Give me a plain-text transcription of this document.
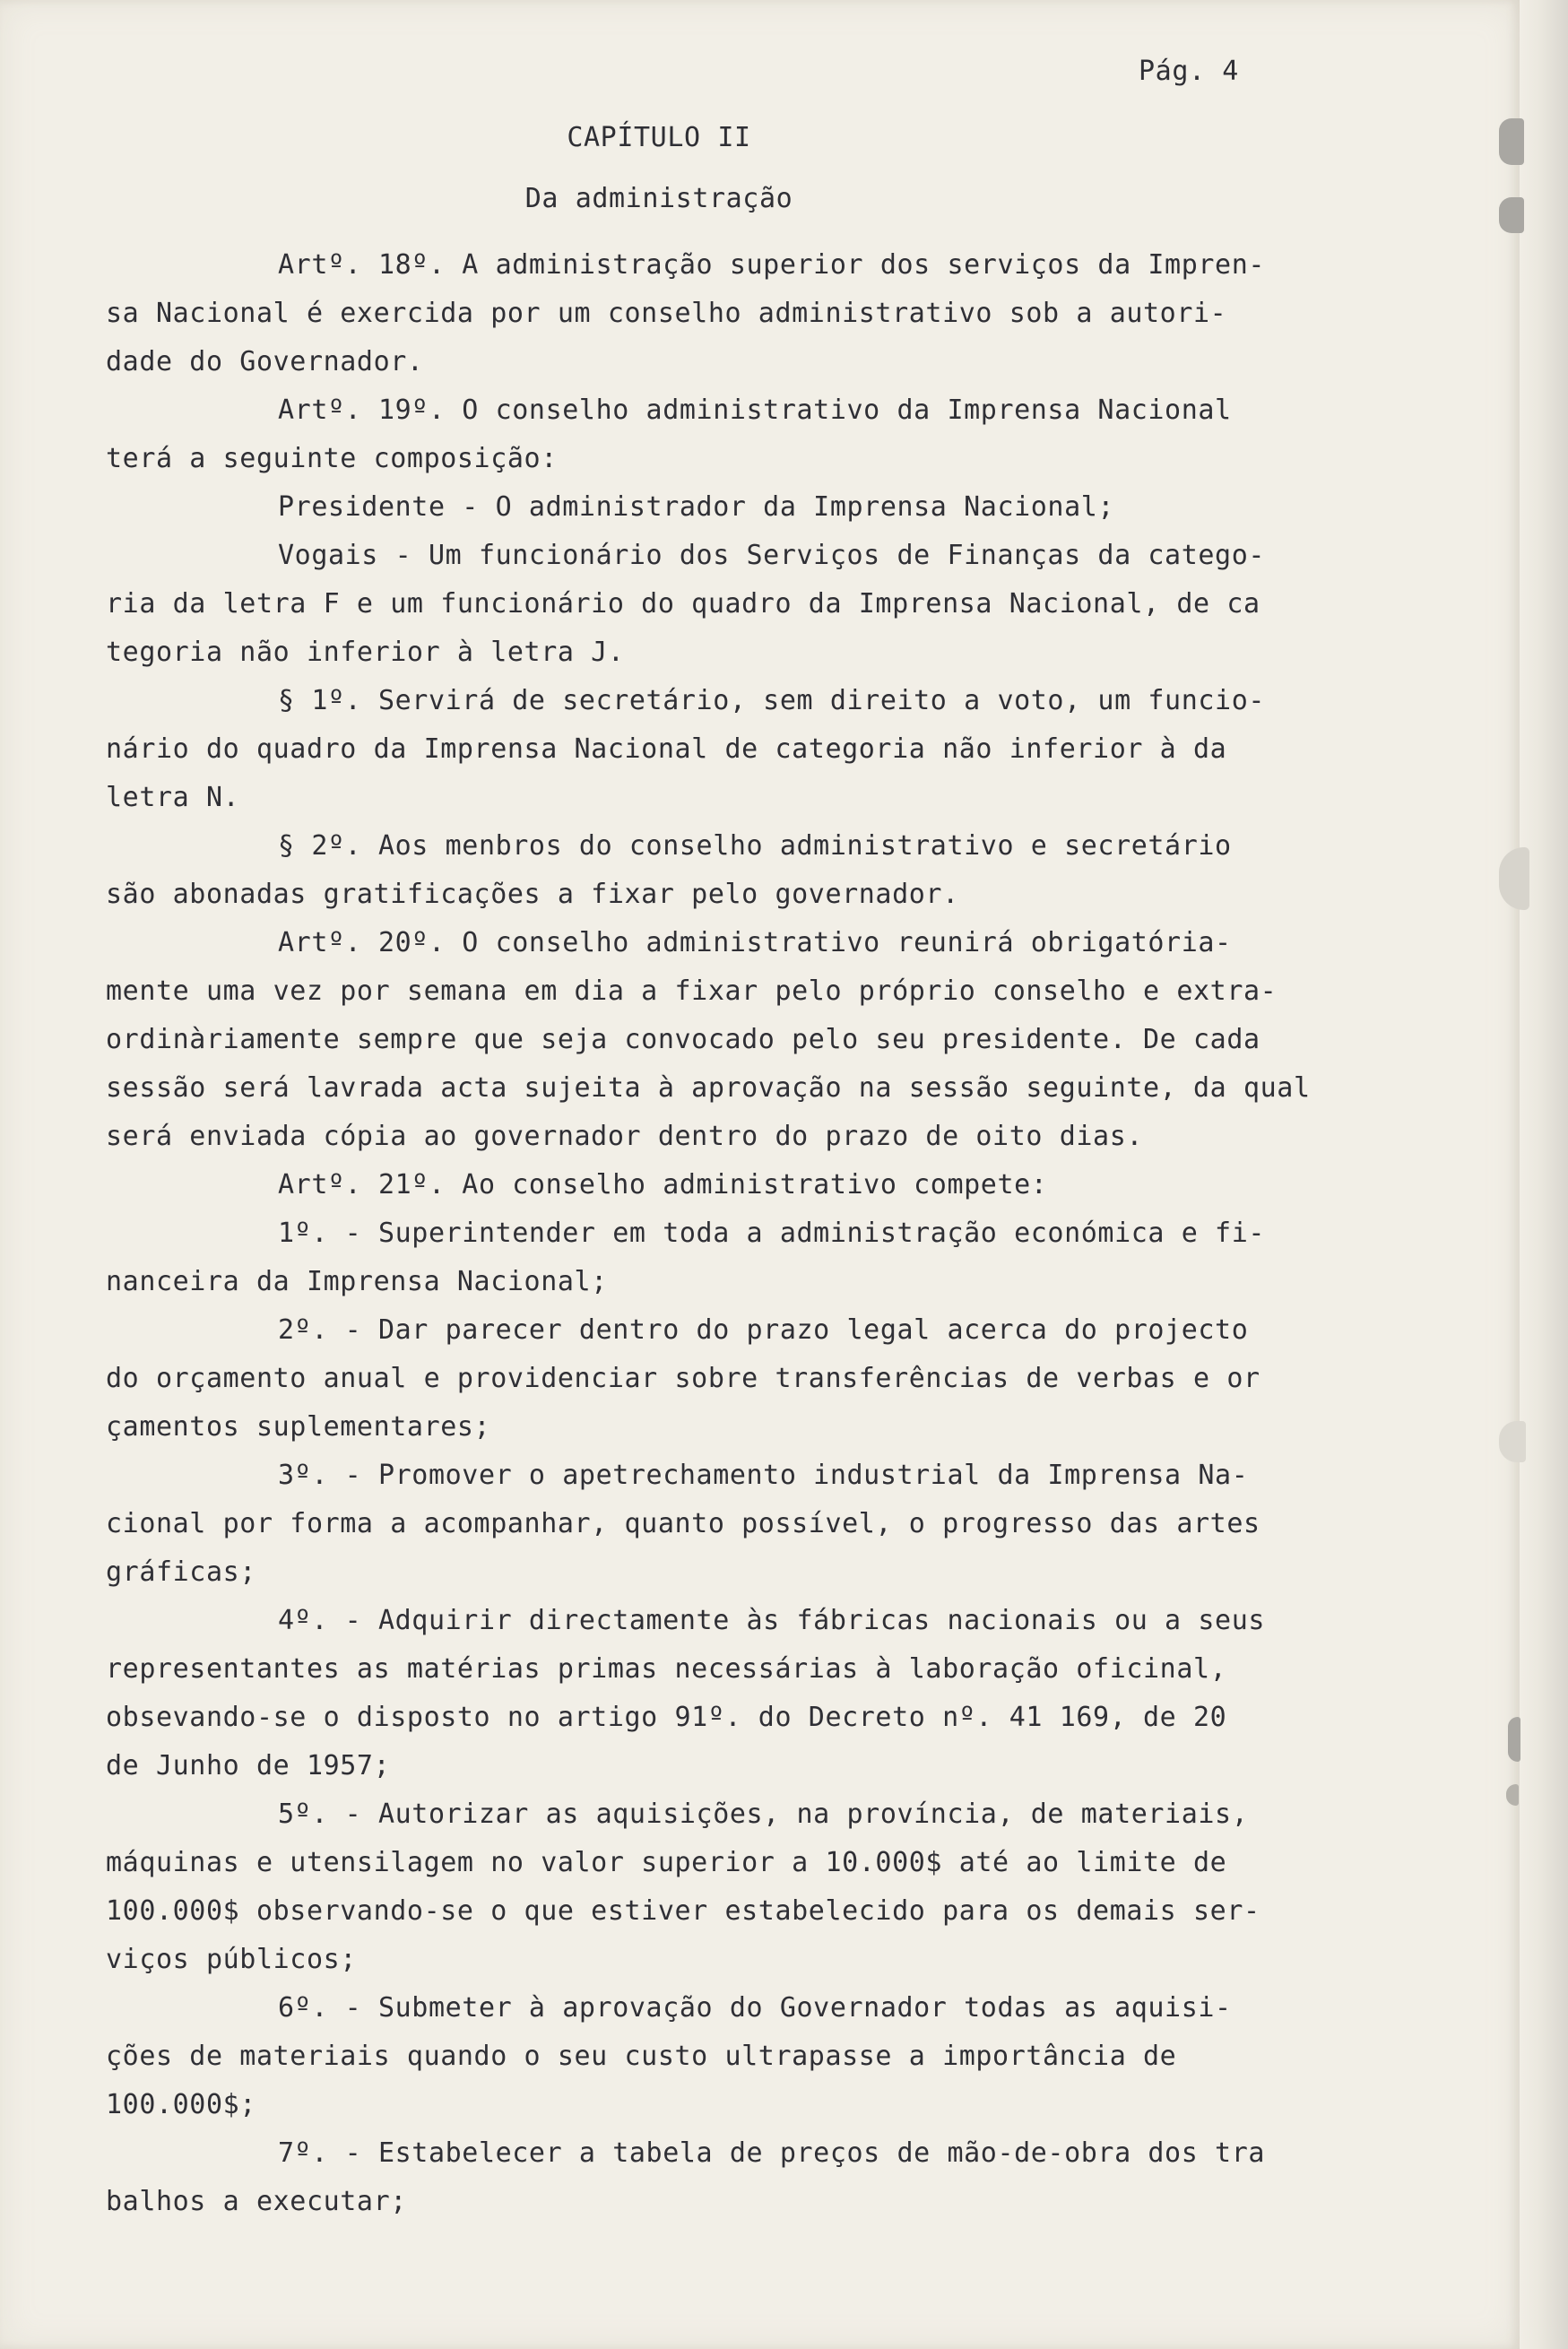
Pág. 4
CAPÍTULO II
Da administração
Artº. 18º. A administração superior dos serviços da Impren-
sa Nacional é exercida por um conselho administrativo sob a autori-
dade do Governador.
Artº. 19º. O conselho administrativo da Imprensa Nacional
terá a seguinte composição:
Presidente - O administrador da Imprensa Nacional;
Vogais - Um funcionário dos Serviços de Finanças da catego-
ria da letra F e um funcionário do quadro da Imprensa Nacional, de ca
tegoria não inferior à letra J.
§ 1º. Servirá de secretário, sem direito a voto, um funcio-
nário do quadro da Imprensa Nacional de categoria não inferior à da
letra N.
§ 2º. Aos menbros do conselho administrativo e secretário
são abonadas gratificações a fixar pelo governador.
Artº. 20º. O conselho administrativo reunirá obrigatória-
mente uma vez por semana em dia a fixar pelo próprio conselho e extra-
ordinàriamente sempre que seja convocado pelo seu presidente. De cada
sessão será lavrada acta sujeita à aprovação na sessão seguinte, da qual
será enviada cópia ao governador dentro do prazo de oito dias.
Artº. 21º. Ao conselho administrativo compete:
1º. - Superintender em toda a administração económica e fi-
nanceira da Imprensa Nacional;
2º. - Dar parecer dentro do prazo legal acerca do projecto
do orçamento anual e providenciar sobre transferências de verbas e or
çamentos suplementares;
3º. - Promover o apetrechamento industrial da Imprensa Na-
cional por forma a acompanhar, quanto possível, o progresso das artes
gráficas;
4º. - Adquirir directamente às fábricas nacionais ou a seus
representantes as matérias primas necessárias à laboração oficinal,
obsevando-se o disposto no artigo 91º. do Decreto nº. 41 169, de 20
de Junho de 1957;
5º. - Autorizar as aquisições, na província, de materiais,
máquinas e utensilagem no valor superior a 10.000$ até ao limite de
100.000$ observando-se o que estiver estabelecido para os demais ser-
viços públicos;
6º. - Submeter à aprovação do Governador todas as aquisi-
ções de materiais quando o seu custo ultrapasse a importância de
100.000$;
7º. - Estabelecer a tabela de preços de mão-de-obra dos tra
balhos a executar;
